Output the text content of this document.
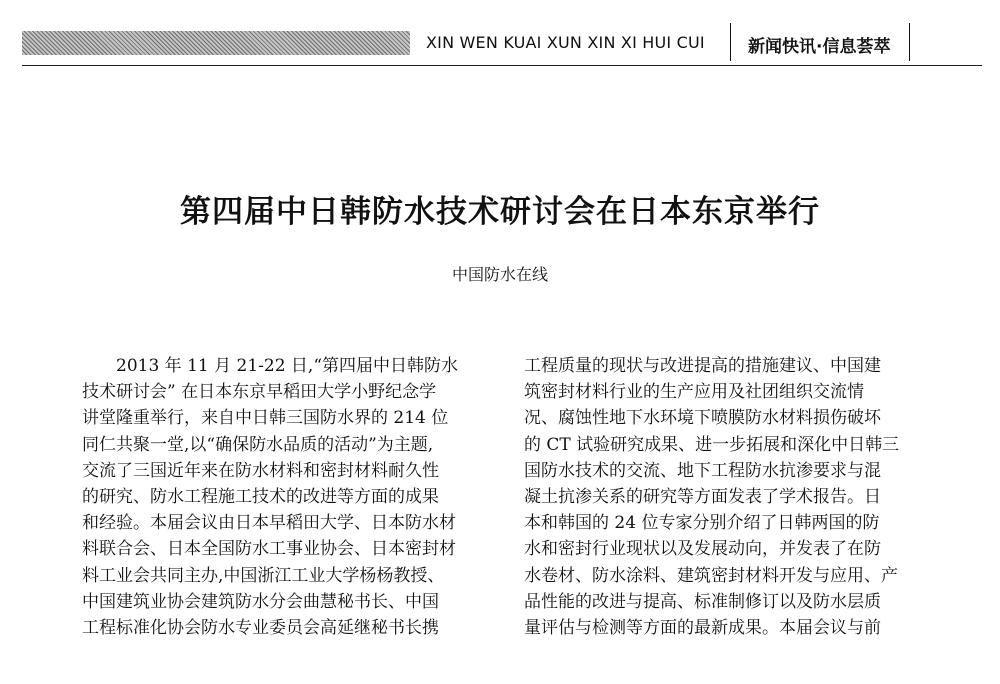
XIN WEN KUAI XUN XIN XI HUI CUI	新闻快讯·信息荟萃
第四届中日韩防水技术研讨会在日本东京举行
中国防水在线
2013 年 11 月 21-22 日,“第四届中日韩防水
技术研讨会” 在日本东京早稻田大学小野纪念学
讲堂隆重举行，来自中日韩三国防水界的 214 位
同仁共聚一堂,以“确保防水品质的活动”为主题,
交流了三国近年来在防水材料和密封材料耐久性
的研究、防水工程施工技术的改进等方面的成果
和经验。本届会议由日本早稻田大学、日本防水材
料联合会、日本全国防水工事业协会、日本密封材
料工业会共同主办,中国浙江工业大学杨杨教授、
中国建筑业协会建筑防水分会曲慧秘书长、中国
工程标准化协会防水专业委员会高延继秘书长携
工程质量的现状与改进提高的措施建议、中国建
筑密封材料行业的生产应用及社团组织交流情
况、腐蚀性地下水环境下喷膜防水材料损伤破坏
的 CT 试验研究成果、进一步拓展和深化中日韩三
国防水技术的交流、地下工程防水抗渗要求与混
凝土抗渗关系的研究等方面发表了学术报告。日
本和韩国的 24 位专家分别介绍了日韩两国的防
水和密封行业现状以及发展动向，并发表了在防
水卷材、防水涂料、建筑密封材料开发与应用、产
品性能的改进与提高、标准制修订以及防水层质
量评估与检测等方面的最新成果。本届会议与前
